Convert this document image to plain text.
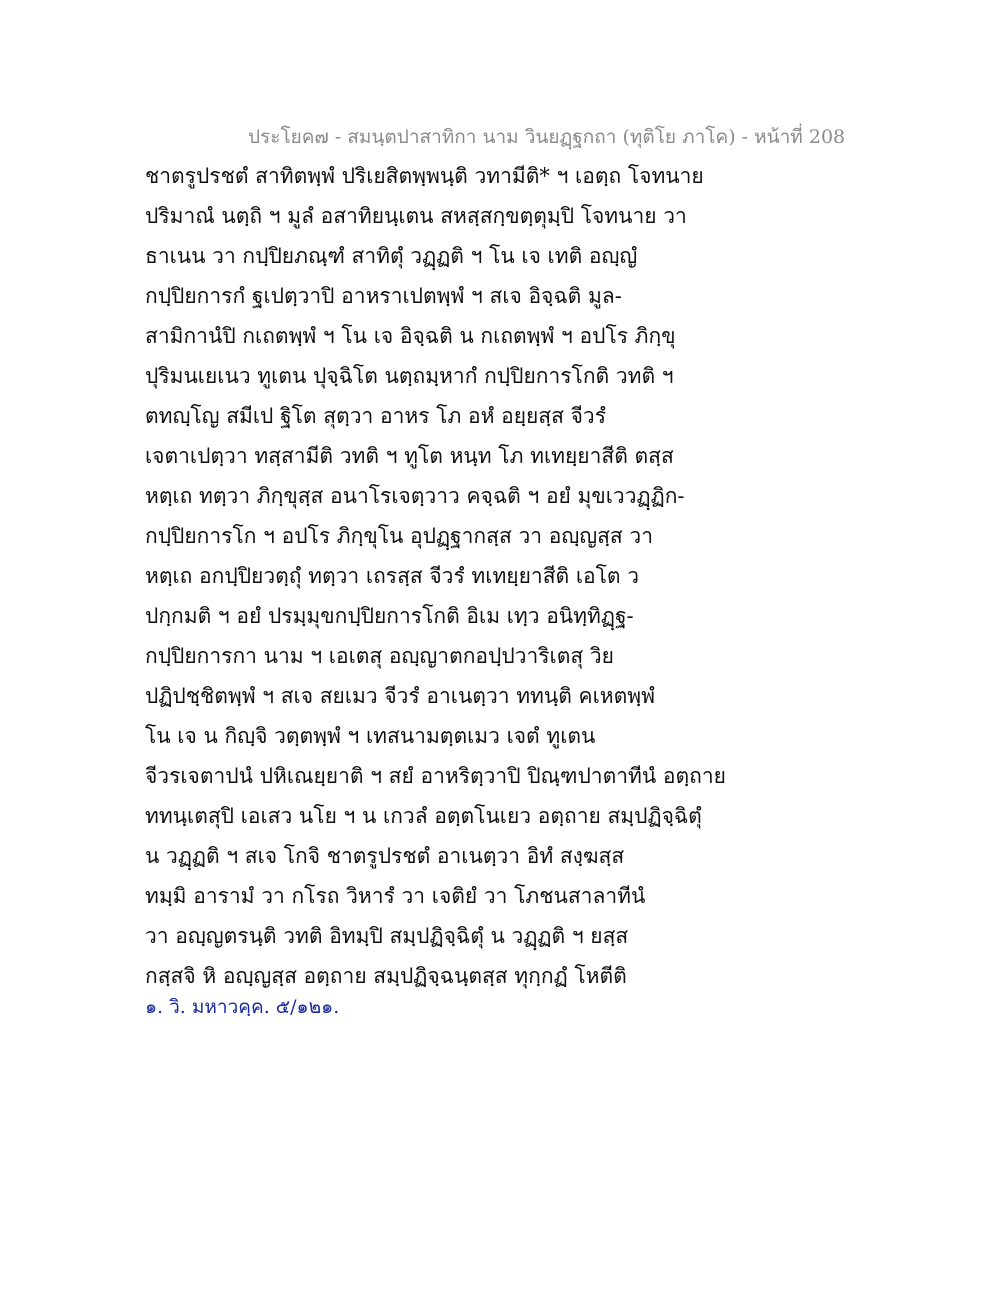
ประโยค๗ - สมนฺตปาสาทิกา นาม วินยฏฺฐกถา (ทุติโย ภาโค) - หน้าที่ 208
ชาตรูปรชตํ สาทิตพฺพํ ปริเยสิตพฺพนฺติ วทามีติ* ฯ เอตฺถ โจทนาย
ปริมาณํ นตฺถิ ฯ มูลํ อสาทิยนฺเตน สหสฺสกฺขตฺตุมฺปิ โจทนาย วา
ธาเนน วา กปฺปิยภณฺฑํ สาทิตุํ วฏฺฏติ ฯ โน เจ เทติ อญฺญํ
กปฺปิยการกํ ฐเปตฺวาปิ อาหราเปตพฺพํ ฯ สเจ อิจฺฉติ มูล-
สามิกานํปิ กเถตพฺพํ ฯ โน เจ อิจฺฉติ น กเถตพฺพํ ฯ อปโร ภิกฺขุ
ปุริมนเยเนว ทูเตน ปุจฺฉิโต นตฺถมฺหากํ กปฺปิยการโกติ วทติ ฯ
ตทญฺโญ สมีเป ฐิโต สุตฺวา อาหร โภ อหํ อยฺยสฺส จีวรํ
เจตาเปตฺวา ทสฺสามีติ วทติ ฯ ทูโต หนฺท โภ ทเทยฺยาสีติ ตสฺส
หตฺเถ ทตฺวา ภิกฺขุสฺส อนาโรเจตฺวาว คจฺฉติ ฯ อยํ มุขเววฏฺฏิก-
กปฺปิยการโก ฯ อปโร ภิกฺขุโน อุปฏฺฐากสฺส วา อญฺญสฺส วา
หตฺเถ อกปฺปิยวตฺถุํ ทตฺวา เถรสฺส จีวรํ ทเทยฺยาสีติ เอโต ว
ปกฺกมติ ฯ อยํ ปรมฺมุขกปฺปิยการโกติ อิเม เทฺว อนิทฺทิฏฺฐ-
กปฺปิยการกา นาม ฯ เอเตสุ อญฺญาตกอปฺปวาริเตสุ วิย
ปฏิปชฺชิตพฺพํ ฯ สเจ สยเมว จีวรํ อาเนตฺวา ททนฺติ คเหตพฺพํ
โน เจ น กิญฺจิ วตฺตพฺพํ ฯ เทสนามตฺตเมว เจตํ ทูเตน
จีวรเจตาปนํ ปหิเณยฺยาติ ฯ สยํ อาหริตฺวาปิ ปิณฺฑปาตาทีนํ อตฺถาย
ททนฺเตสุปิ เอเสว นโย ฯ น เกวลํ อตฺตโนเยว อตฺถาย สมฺปฏิจฺฉิตุํ
น วฏฺฏติ ฯ สเจ โกจิ ชาตรูปรชตํ อาเนตฺวา อิทํ สงฺฆสฺส
ทมฺมิ อารามํ วา กโรถ วิหารํ วา เจติยํ วา โภชนสาลาทีนํ
วา อญฺญตรนฺติ วทติ อิทมฺปิ สมฺปฏิจฺฉิตุํ น วฏฺฏติ ฯ ยสฺส
กสฺสจิ หิ อญฺญสฺส อตฺถาย สมฺปฏิจฺฉนฺตสฺส ทุกฺกฏํ โหตีติ
๑. วิ. มหาวคฺค. ๕/๑๒๑.
